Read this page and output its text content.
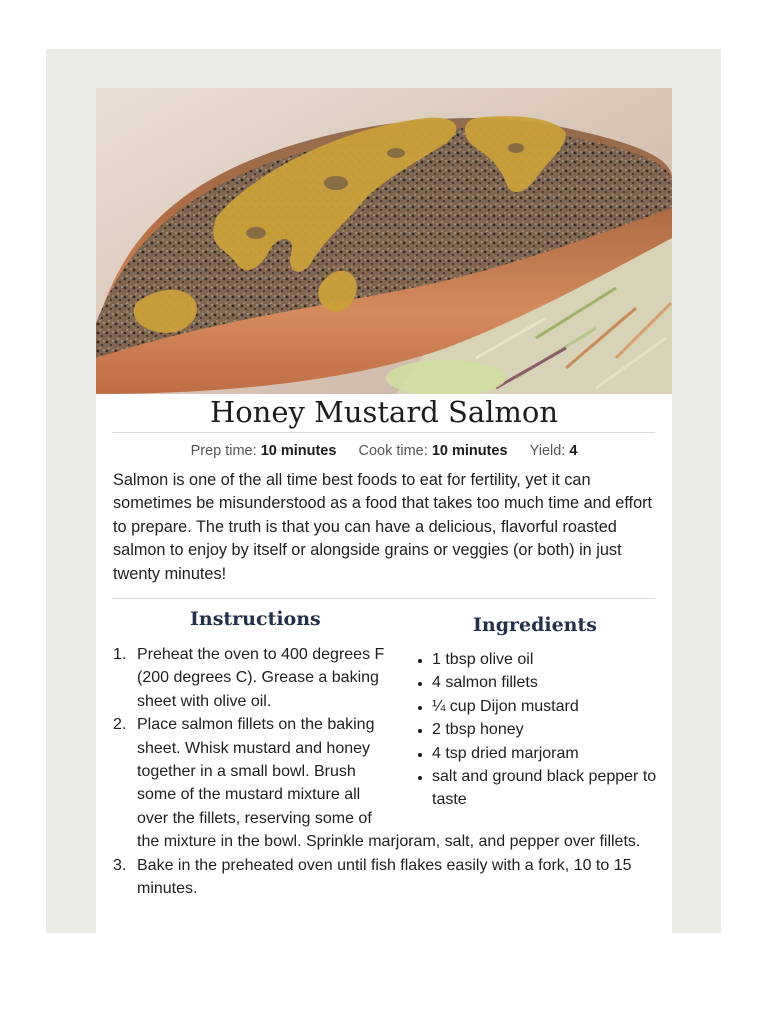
Honey Mustard Salmon
Prep time: 10 minutes Cook time: 10 minutes Yield: 4

Salmon is one of the all time best foods to eat for fertility, yet it can sometimes be misunderstood as a food that takes too much time and effort to prepare. The truth is that you can have a delicious, flavorful roasted salmon to enjoy by itself or alongside grains or veggies (or both) in just twenty minutes!

Instructions	Ingredients
• 1 tbsp olive oil
• 4 salmon fillets
• ¼ cup Dijon mustard
• 2 tbsp honey
• 4 tsp dried marjoram
• salt and ground black pepper to taste
1. Preheat the oven to 400 degrees F (200 degrees C). Grease a baking sheet with olive oil.
2. Place salmon fillets on the baking sheet. Whisk mustard and honey together in a small bowl. Brush some of the mustard mixture all over the fillets, reserving some of
the mixture in the bowl. Sprinkle marjoram, salt, and pepper over fillets.
3. Bake in the preheated oven until fish flakes easily with a fork, 10 to 15 minutes.
